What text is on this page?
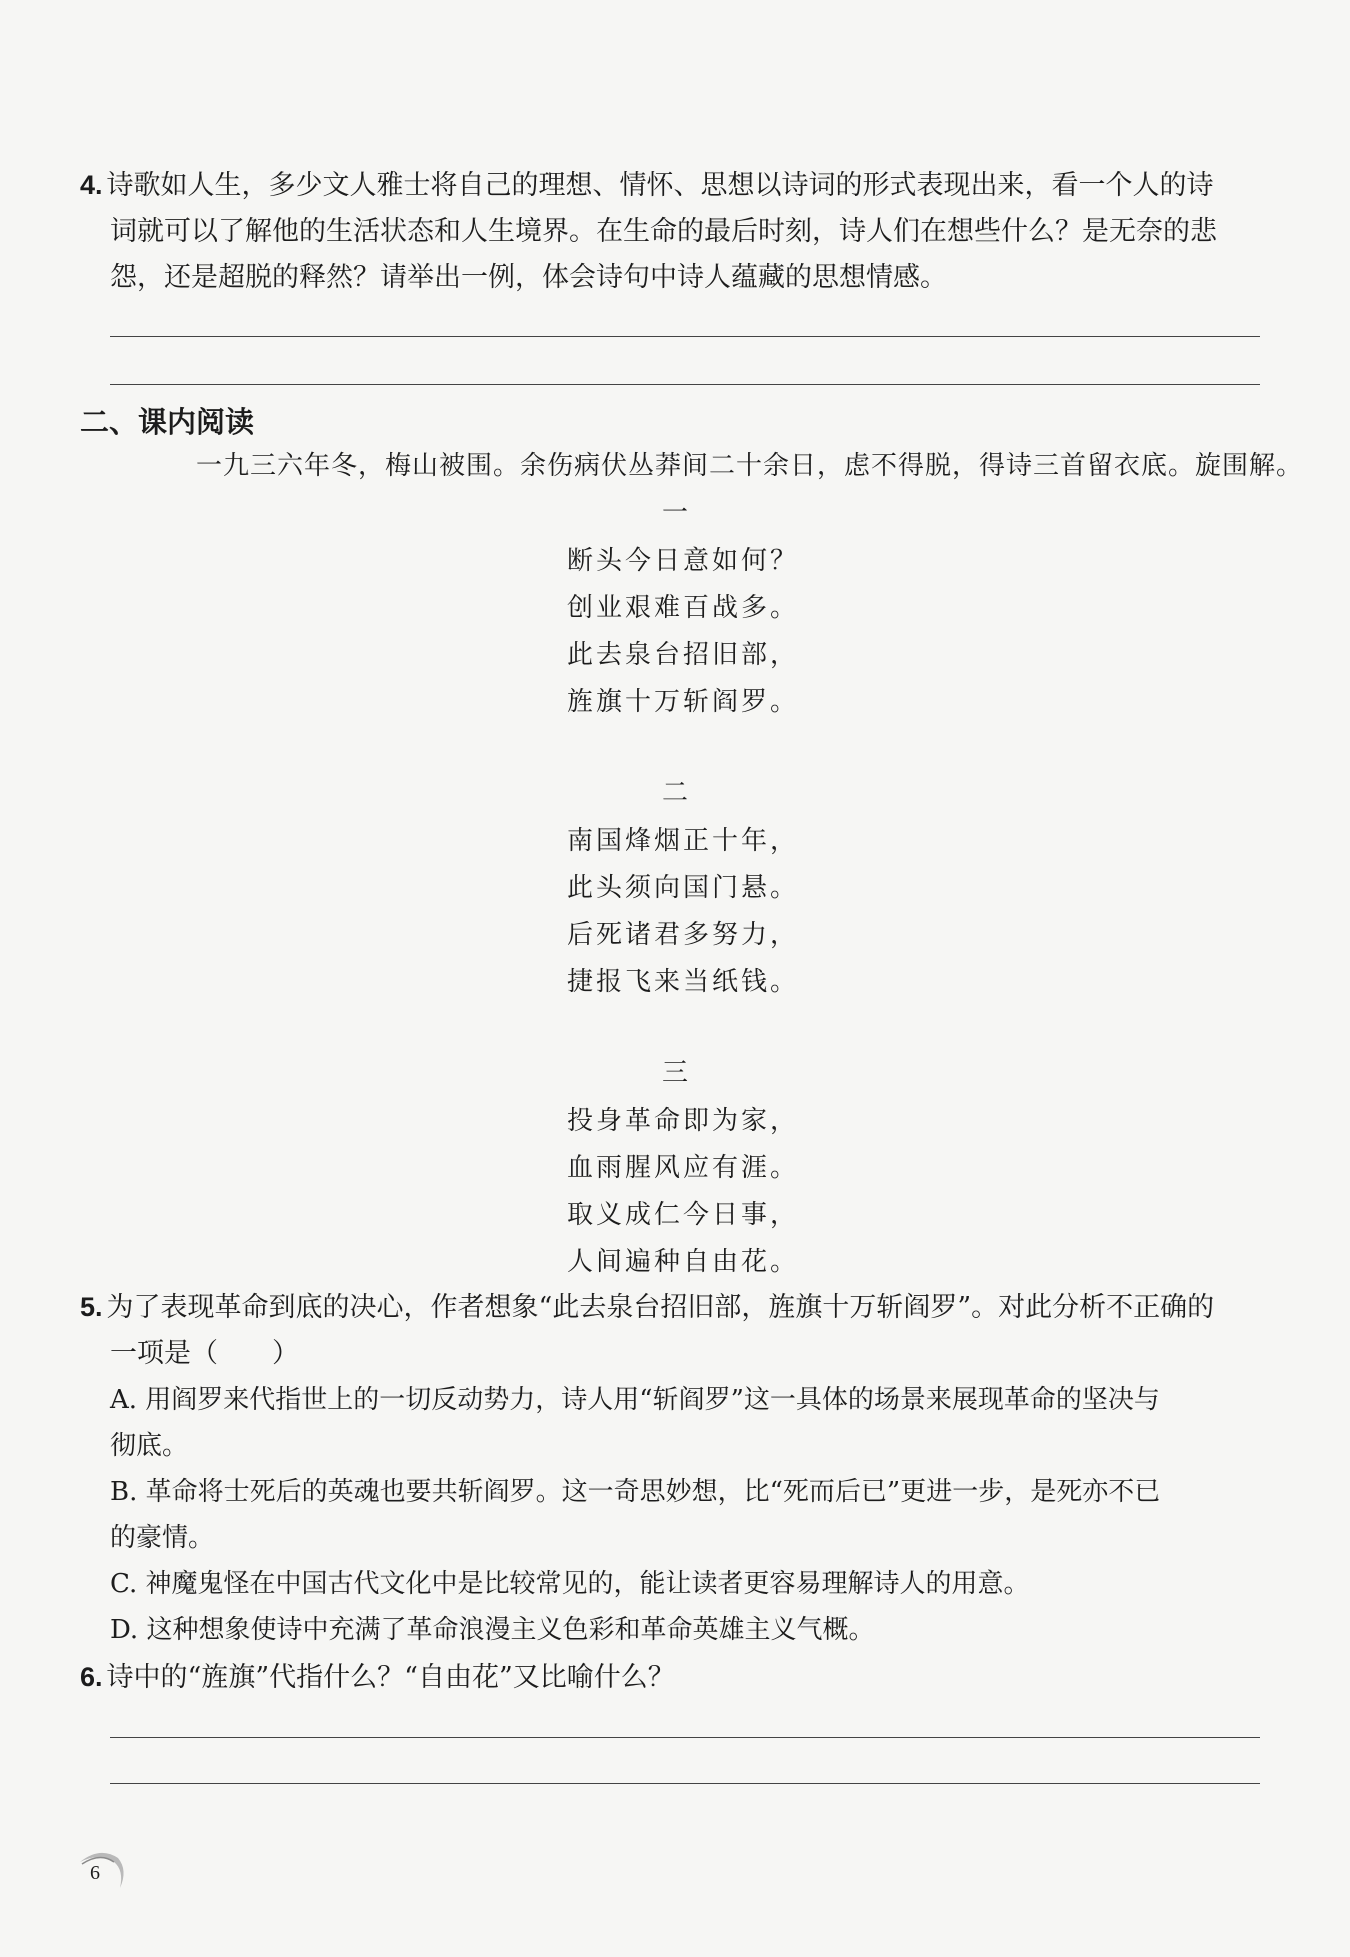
4. 诗歌如人生，多少文人雅士将自己的理想、情怀、思想以诗词的形式表现出来，看一个人的诗
词就可以了解他的生活状态和人生境界。在生命的最后时刻，诗人们在想些什么？是无奈的悲
怨，还是超脱的释然？请举出一例，体会诗句中诗人蕴藏的思想情感。
二、课内阅读
一九三六年冬，梅山被围。余伤病伏丛莽间二十余日，虑不得脱，得诗三首留衣底。旋围解。
一
断头今日意如何？
创业艰难百战多。
此去泉台招旧部，
旌旗十万斩阎罗。
二
南国烽烟正十年，
此头须向国门悬。
后死诸君多努力，
捷报飞来当纸钱。
三
投身革命即为家，
血雨腥风应有涯。
取义成仁今日事，
人间遍种自由花。
5. 为了表现革命到底的决心，作者想象“此去泉台招旧部，旌旗十万斩阎罗”。对此分析不正确的
一项是（　　）
A. 用阎罗来代指世上的一切反动势力，诗人用“斩阎罗”这一具体的场景来展现革命的坚决与
彻底。
B. 革命将士死后的英魂也要共斩阎罗。这一奇思妙想，比“死而后已”更进一步，是死亦不已
的豪情。
C. 神魔鬼怪在中国古代文化中是比较常见的，能让读者更容易理解诗人的用意。
D. 这种想象使诗中充满了革命浪漫主义色彩和革命英雄主义气概。
6. 诗中的“旌旗”代指什么？“自由花”又比喻什么？
6
